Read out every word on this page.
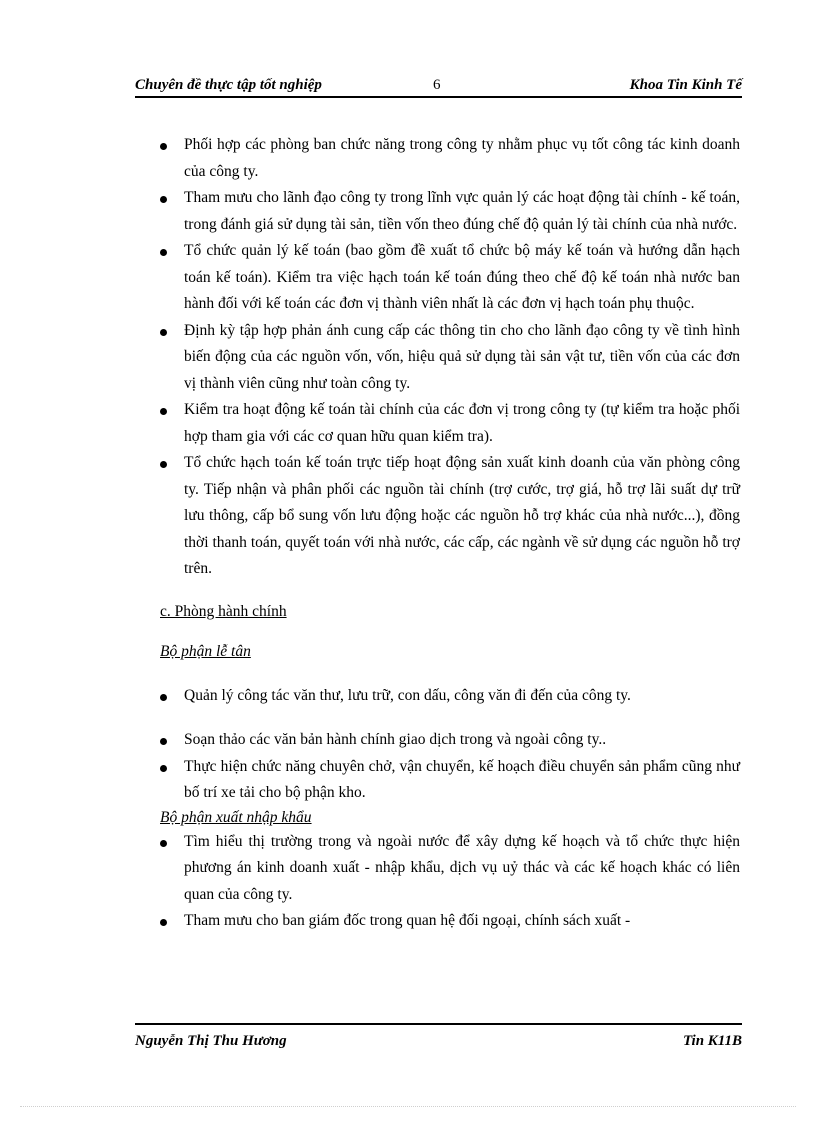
Chuyên đề thực tập tốt nghiệp	6	Khoa Tin Kinh Tế
Phối hợp các phòng ban chức năng trong công ty nhằm phục vụ tốt công tác kinh doanh của công ty.
Tham mưu cho lãnh đạo công ty trong lĩnh vực quản lý các hoạt động tài chính - kế toán, trong đánh giá sử dụng tài sản, tiền vốn theo đúng chế độ quản lý tài chính của nhà nước.
Tổ chức quản lý kế toán (bao gồm đề xuất tổ chức bộ máy kế toán và hướng dẫn hạch toán kế toán). Kiểm tra việc hạch toán kế toán đúng theo chế độ kế toán nhà nước ban hành đối với kế toán các đơn vị thành viên nhất là các đơn vị hạch toán phụ thuộc.
Định kỳ tập hợp phản ánh cung cấp các thông tin cho cho lãnh đạo công ty về tình hình biến động của các nguồn vốn, vốn, hiệu quả sử dụng tài sản vật tư, tiền vốn của các đơn vị thành viên cũng như toàn công ty.
Kiểm tra hoạt động kế toán tài chính của các đơn vị trong công ty (tự kiểm tra hoặc phối hợp tham gia với các cơ quan hữu quan kiểm tra).
Tổ chức hạch toán kế toán trực tiếp hoạt động sản xuất kinh doanh của văn phòng công ty. Tiếp nhận và phân phối các nguồn tài chính (trợ cước, trợ giá, hỗ trợ lãi suất dự trữ lưu thông, cấp bổ sung vốn lưu động hoặc các nguồn hỗ trợ khác của nhà nước...), đồng thời thanh toán, quyết toán với nhà nước, các cấp, các ngành về sử dụng các nguồn hỗ trợ trên.
c. Phòng hành chính
Bộ phận lễ tân
Quản lý công tác văn thư, lưu trữ, con dấu, công văn đi đến của công ty.
Soạn thảo các văn bản hành chính giao dịch trong và ngoài công ty..
Thực hiện chức năng chuyên chở, vận chuyển, kế hoạch điều chuyển sản phẩm cũng như bố trí xe tải cho bộ phận kho.
Bộ phận xuất nhập khẩu
Tìm hiểu thị trường trong và ngoài nước để xây dựng kế hoạch và tổ chức thực hiện phương án kinh doanh xuất - nhập khẩu, dịch vụ uỷ thác và các kế hoạch khác có liên quan của công ty.
Tham mưu cho ban giám đốc trong quan hệ đối ngoại, chính sách xuất -
Nguyễn Thị Thu Hương	Tin K11B
